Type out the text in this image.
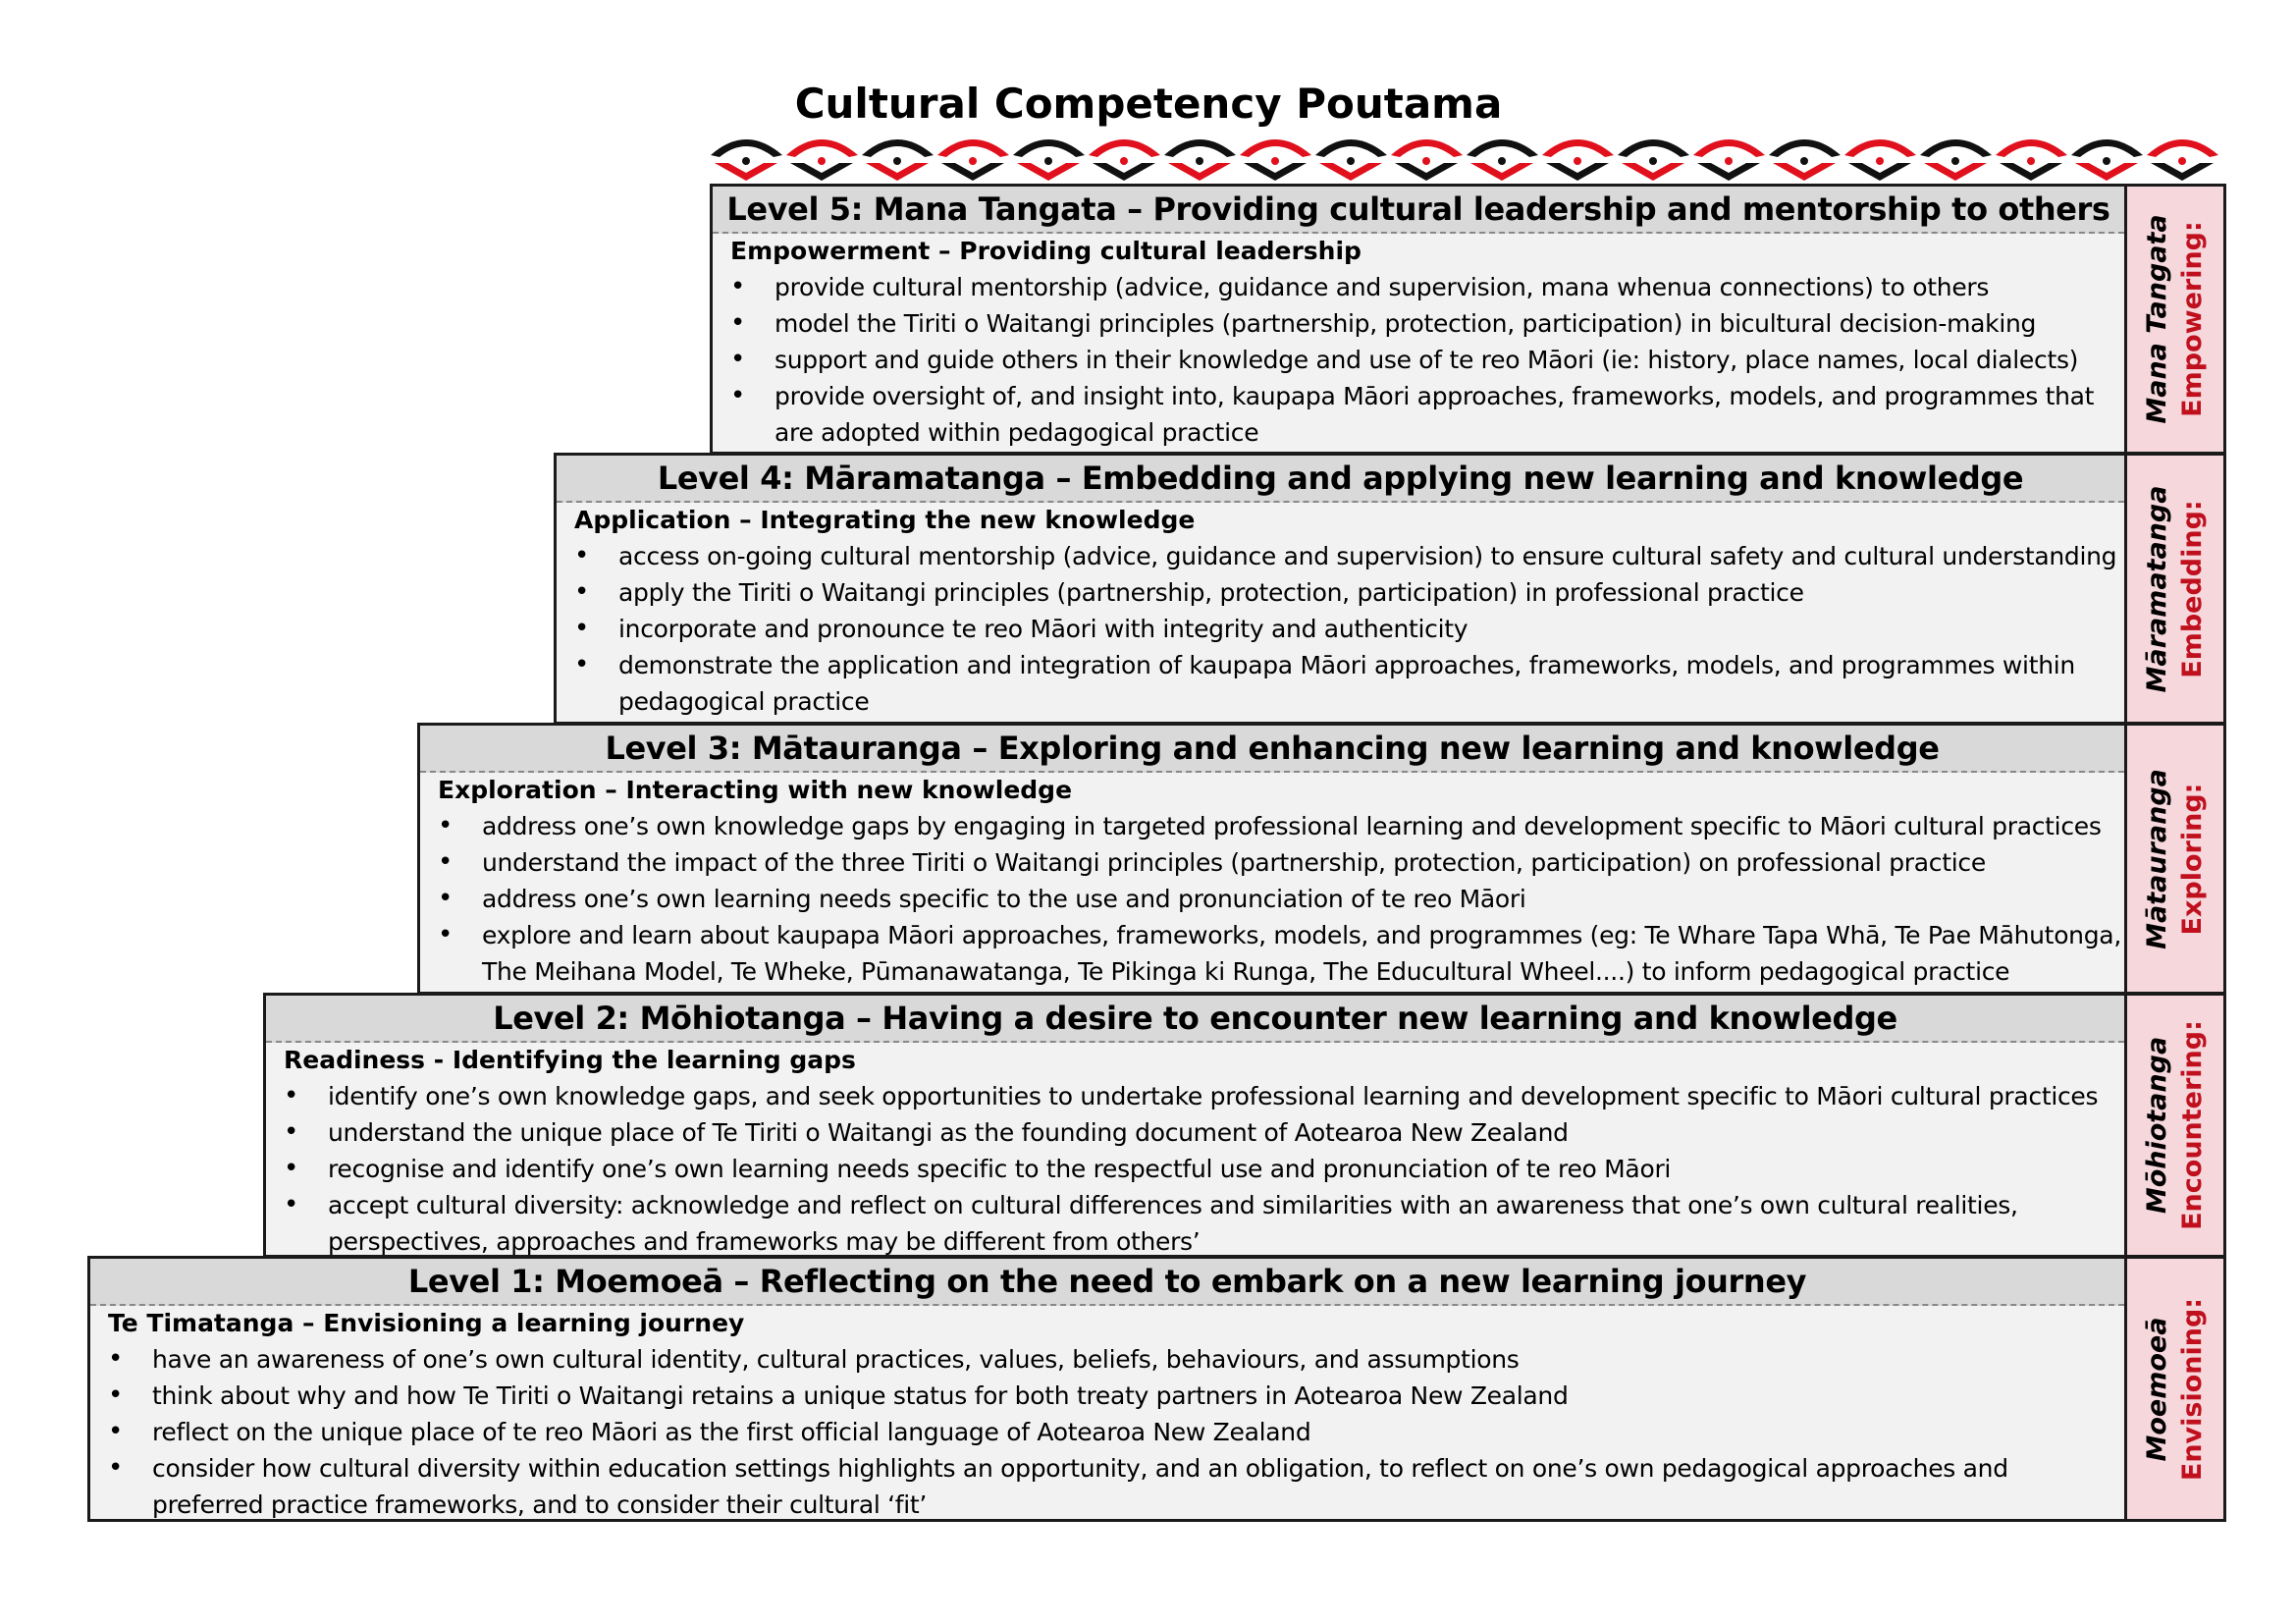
Cultural Competency Poutama
Level 5: Mana Tangata – Providing cultural leadership and mentorship to others
Empowerment – Providing cultural leadership
• provide cultural mentorship (advice, guidance and supervision, mana whenua connections) to others
• model the Tiriti o Waitangi principles (partnership, protection, participation) in bicultural decision-making
• support and guide others in their knowledge and use of te reo Māori (ie: history, place names, local dialects)
• provide oversight of, and insight into, kaupapa Māori approaches, frameworks, models, and programmes that are adopted within pedagogical practice
Level 4: Māramatanga – Embedding and applying new learning and knowledge
Application – Integrating the new knowledge
• access on-going cultural mentorship (advice, guidance and supervision) to ensure cultural safety and cultural understanding
• apply the Tiriti o Waitangi principles (partnership, protection, participation) in professional practice
• incorporate and pronounce te reo Māori with integrity and authenticity
• demonstrate the application and integration of kaupapa Māori approaches, frameworks, models, and programmes within pedagogical practice
Level 3: Mātauranga – Exploring and enhancing new learning and knowledge
Exploration – Interacting with new knowledge
• address one’s own knowledge gaps by engaging in targeted professional learning and development specific to Māori cultural practices
• understand the impact of the three Tiriti o Waitangi principles (partnership, protection, participation) on professional practice
• address one’s own learning needs specific to the use and pronunciation of te reo Māori
• explore and learn about kaupapa Māori approaches, frameworks, models, and programmes (eg: Te Whare Tapa Whā, Te Pae Māhutonga, The Meihana Model, Te Wheke, Pūmanawatanga, Te Pikinga ki Runga, The Educultural Wheel....) to inform pedagogical practice
Level 2: Mōhiotanga – Having a desire to encounter new learning and knowledge
Readiness - Identifying the learning gaps
• identify one’s own knowledge gaps, and seek opportunities to undertake professional learning and development specific to Māori cultural practices
• understand the unique place of Te Tiriti o Waitangi as the founding document of Aotearoa New Zealand
• recognise and identify one’s own learning needs specific to the respectful use and pronunciation of te reo Māori
• accept cultural diversity: acknowledge and reflect on cultural differences and similarities with an awareness that one’s own cultural realities, perspectives, approaches and frameworks may be different from others’
Level 1: Moemoeā – Reflecting on the need to embark on a new learning journey
Te Timatanga – Envisioning a learning journey
• have an awareness of one’s own cultural identity, cultural practices, values, beliefs, behaviours, and assumptions
• think about why and how Te Tiriti o Waitangi retains a unique status for both treaty partners in Aotearoa New Zealand
• reflect on the unique place of te reo Māori as the first official language of Aotearoa New Zealand
• consider how cultural diversity within education settings highlights an opportunity, and an obligation, to reflect on one’s own pedagogical approaches and preferred practice frameworks, and to consider their cultural ‘fit’
Mana Tangata Empowering:
Māramatanga Embedding:
Mātauranga Exploring:
Mōhiotanga Encountering:
Moemoeā Envisioning:
